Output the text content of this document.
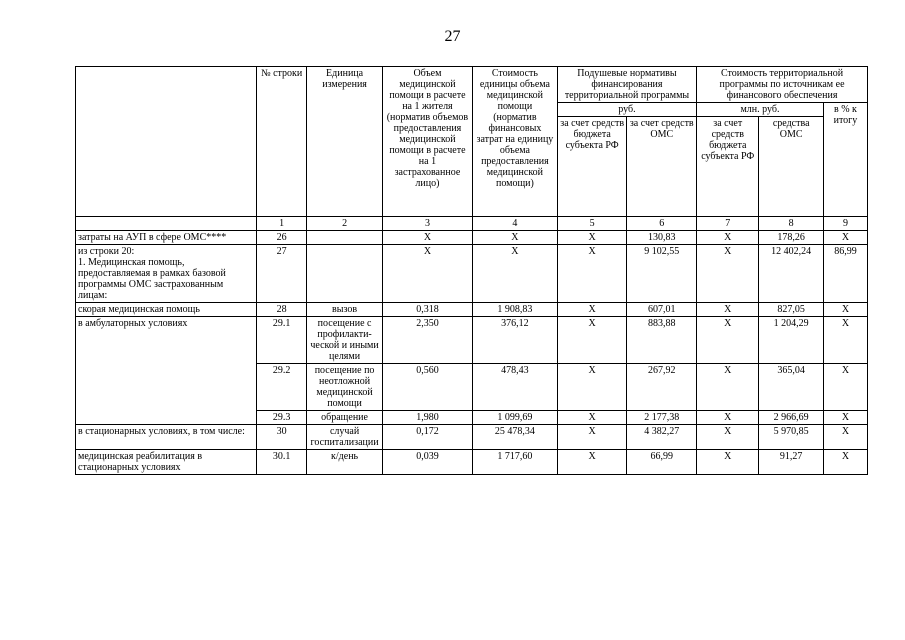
27
	№ строки	Единица измерения	Объем медицинской помощи в расчете на 1 жителя (норматив объемов предоставления медицинской помощи в расчете на 1 застрахованное лицо)	Стоимость единицы объема медицинской помощи (норматив финансовых затрат на единицу объема предоставления медицинской помощи)	Подушевые нормативы финансирования территориальной программы		Стоимость территориальной программы по источникам ее финансового обеспечения		
					руб.		млн. руб.		в % к итогу
					за счет средств бюджета субъекта РФ	за счет средств ОМС	за счет средств бюджета субъекта РФ	средства ОМС	
	1	2	3	4	5	6	7	8	9
затраты на АУП в сфере ОМС****	26		Х	Х	Х	130,83	Х	178,26	Х
из строки 20:
1. Медицинская помощь, предоставляемая в рамках базовой программы ОМС застрахованным лицам:	27		Х	Х	Х	9 102,55	Х	12 402,24	86,99
скорая медицинская помощь	28	вызов	0,318	1 908,83	Х	607,01	Х	827,05	Х
в амбулаторных условиях	29.1	посещение с профилакти-ческой и иными целями	2,350	376,12	Х	883,88	Х	1 204,29	Х
	29.2	посещение по неотложной медицинской помощи	0,560	478,43	Х	267,92	Х	365,04	Х
	29.3	обращение	1,980	1 099,69	Х	2 177,38	Х	2 966,69	Х
в стационарных условиях, в том числе:	30	случай госпитализации	0,172	25 478,34	Х	4 382,27	Х	5 970,85	Х
медицинская реабилитация в стационарных условиях	30.1	к/день	0,039	1 717,60	Х	66,99	Х	91,27	Х
